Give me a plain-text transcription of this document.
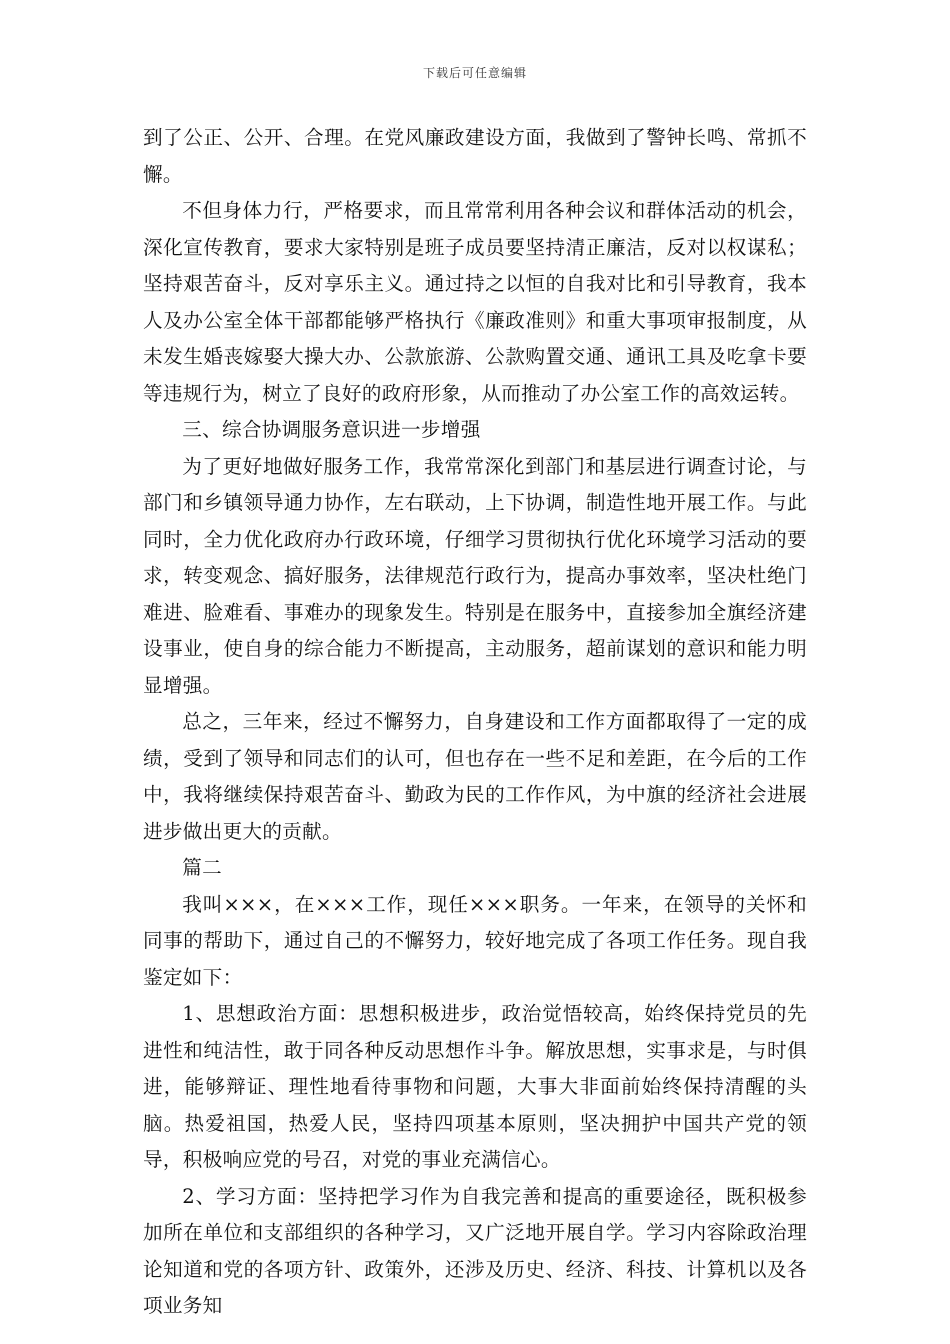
下载后可任意编辑

到了公正、公开、合理。在党风廉政建设方面，我做到了警钟长鸣、常抓不懈。

不但身体力行，严格要求，而且常常利用各种会议和群体活动的机会，深化宣传教育，要求大家特别是班子成员要坚持清正廉洁，反对以权谋私；坚持艰苦奋斗，反对享乐主义。通过持之以恒的自我对比和引导教育，我本人及办公室全体干部都能够严格执行《廉政准则》和重大事项审报制度，从未发生婚丧嫁娶大操大办、公款旅游、公款购置交通、通讯工具及吃拿卡要等违规行为，树立了良好的政府形象，从而推动了办公室工作的高效运转。

三、综合协调服务意识进一步增强

为了更好地做好服务工作，我常常深化到部门和基层进行调查讨论，与部门和乡镇领导通力协作，左右联动，上下协调，制造性地开展工作。与此同时，全力优化政府办行政环境，仔细学习贯彻执行优化环境学习活动的要求，转变观念、搞好服务，法律规范行政行为，提高办事效率，坚决杜绝门难进、脸难看、事难办的现象发生。特别是在服务中，直接参加全旗经济建设事业，使自身的综合能力不断提高，主动服务，超前谋划的意识和能力明显增强。

总之，三年来，经过不懈努力，自身建设和工作方面都取得了一定的成绩，受到了领导和同志们的认可，但也存在一些不足和差距，在今后的工作中，我将继续保持艰苦奋斗、勤政为民的工作作风，为中旗的经济社会进展进步做出更大的贡献。

篇二

我叫×××，在×××工作，现任×××职务。一年来，在领导的关怀和同事的帮助下，通过自己的不懈努力，较好地完成了各项工作任务。现自我鉴定如下：

1、思想政治方面：思想积极进步，政治觉悟较高，始终保持党员的先进性和纯洁性，敢于同各种反动思想作斗争。解放思想，实事求是，与时俱进，能够辩证、理性地看待事物和问题，大事大非面前始终保持清醒的头脑。热爱祖国，热爱人民，坚持四项基本原则，坚决拥护中国共产党的领导，积极响应党的号召，对党的事业充满信心。

2、学习方面：坚持把学习作为自我完善和提高的重要途径，既积极参加所在单位和支部组织的各种学习，又广泛地开展自学。学习内容除政治理论知道和党的各项方针、政策外，还涉及历史、经济、科技、计算机以及各项业务知
